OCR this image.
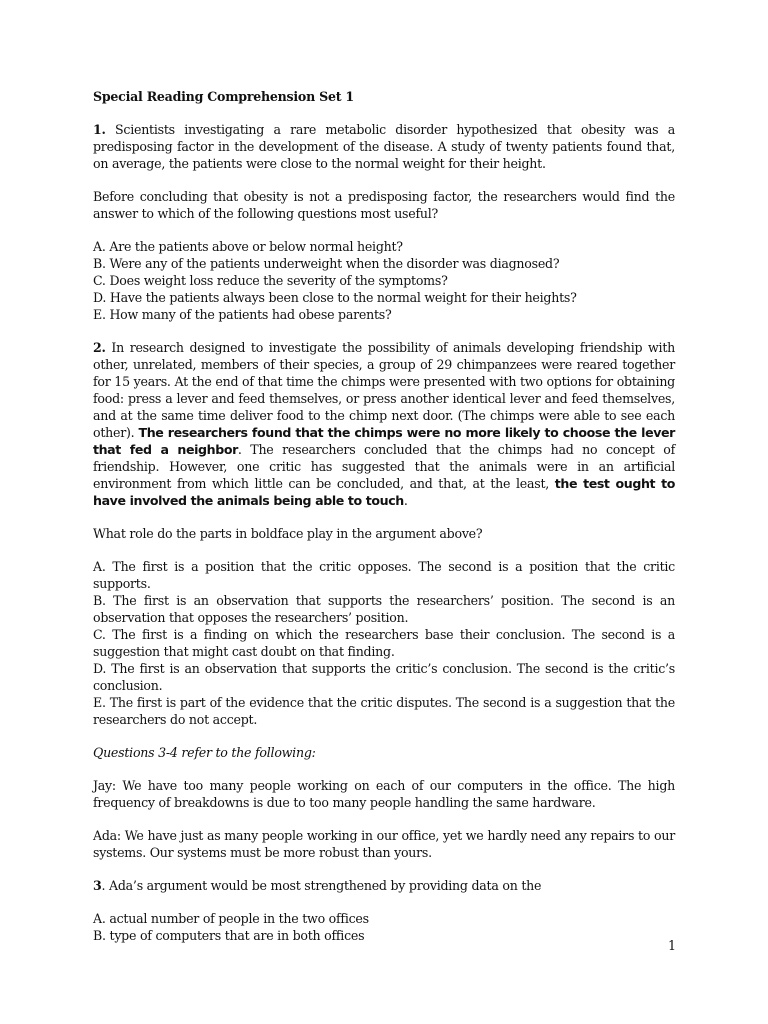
Special Reading Comprehension Set 1

1. Scientists investigating a rare metabolic disorder hypothesized that obesity was a predisposing factor in the development of the disease. A study of twenty patients found that, on average, the patients were close to the normal weight for their height.

Before concluding that obesity is not a predisposing factor, the researchers would find the answer to which of the following questions most useful?

A. Are the patients above or below normal height?
B. Were any of the patients underweight when the disorder was diagnosed?
C. Does weight loss reduce the severity of the symptoms?
D. Have the patients always been close to the normal weight for their heights?
E. How many of the patients had obese parents?

2. In research designed to investigate the possibility of animals developing friendship with other, unrelated, members of their species, a group of 29 chimpanzees were reared together for 15 years. At the end of that time the chimps were presented with two options for obtaining food: press a lever and feed themselves, or press another identical lever and feed themselves, and at the same time deliver food to the chimp next door. (The chimps were able to see each other). The researchers found that the chimps were no more likely to choose the lever that fed a neighbor. The researchers concluded that the chimps had no concept of friendship. However, one critic has suggested that the animals were in an artificial environment from which little can be concluded, and that, at the least, the test ought to have involved the animals being able to touch.

What role do the parts in boldface play in the argument above?

A. The first is a position that the critic opposes. The second is a position that the critic supports.
B. The first is an observation that supports the researchers’ position. The second is an observation that opposes the researchers’ position.
C. The first is a finding on which the researchers base their conclusion. The second is a suggestion that might cast doubt on that finding.
D. The first is an observation that supports the critic’s conclusion. The second is the critic’s conclusion.
E. The first is part of the evidence that the critic disputes. The second is a suggestion that the researchers do not accept.

Questions 3-4 refer to the following:

Jay: We have too many people working on each of our computers in the office. The high frequency of breakdowns is due to too many people handling the same hardware.

Ada: We have just as many people working in our office, yet we hardly need any repairs to our systems. Our systems must be more robust than yours.

3. Ada’s argument would be most strengthened by providing data on the

A. actual number of people in the two offices
B. type of computers that are in both offices
1
